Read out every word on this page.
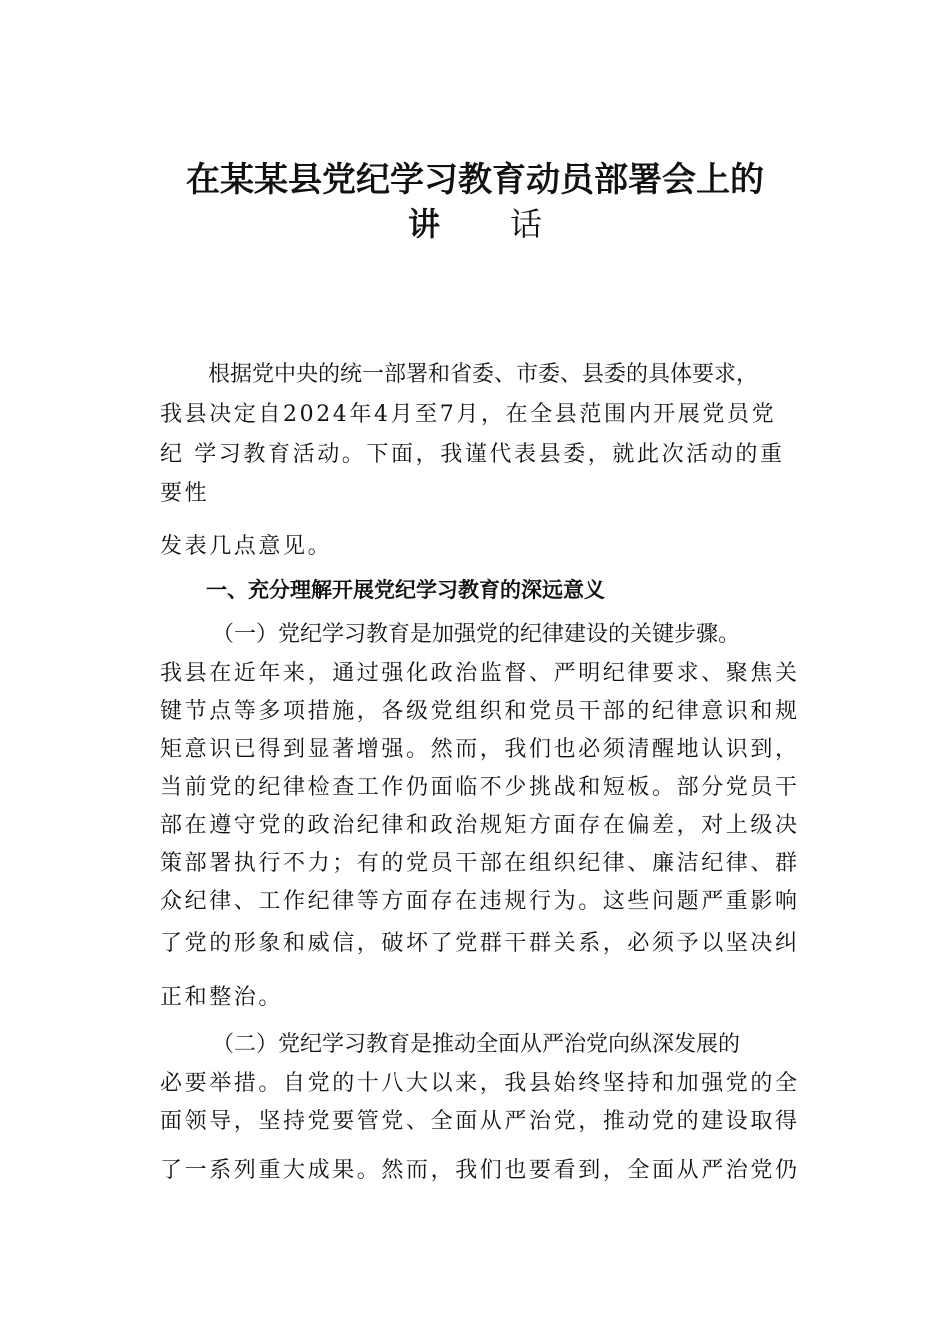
在某某县党纪学习教育动员部署会上的
讲 话
根据党中央的统一部署和省委、市委、县委的具体要求，
我县决定自2024年4月至7月，在全县范围内开展党员党
纪 学习教育活动。下面，我谨代表县委，就此次活动的重
要性
发表几点意见。
一、充分理解开展党纪学习教育的深远意义
（一）党纪学习教育是加强党的纪律建设的关键步骤。
我县在近年来，通过强化政治监督、严明纪律要求、聚焦关
键节点等多项措施，各级党组织和党员干部的纪律意识和规
矩意识已得到显著增强。然而，我们也必须清醒地认识到，
当前党的纪律检查工作仍面临不少挑战和短板。部分党员干
部在遵守党的政治纪律和政治规矩方面存在偏差，对上级决
策部署执行不力；有的党员干部在组织纪律、廉洁纪律、群
众纪律、工作纪律等方面存在违规行为。这些问题严重影响
了党的形象和威信，破坏了党群干群关系，必须予以坚决纠
正和整治。
（二）党纪学习教育是推动全面从严治党向纵深发展的
必要举措。自党的十八大以来，我县始终坚持和加强党的全
面领导，坚持党要管党、全面从严治党，推动党的建设取得
了一系列重大成果。然而，我们也要看到，全面从严治党仍
